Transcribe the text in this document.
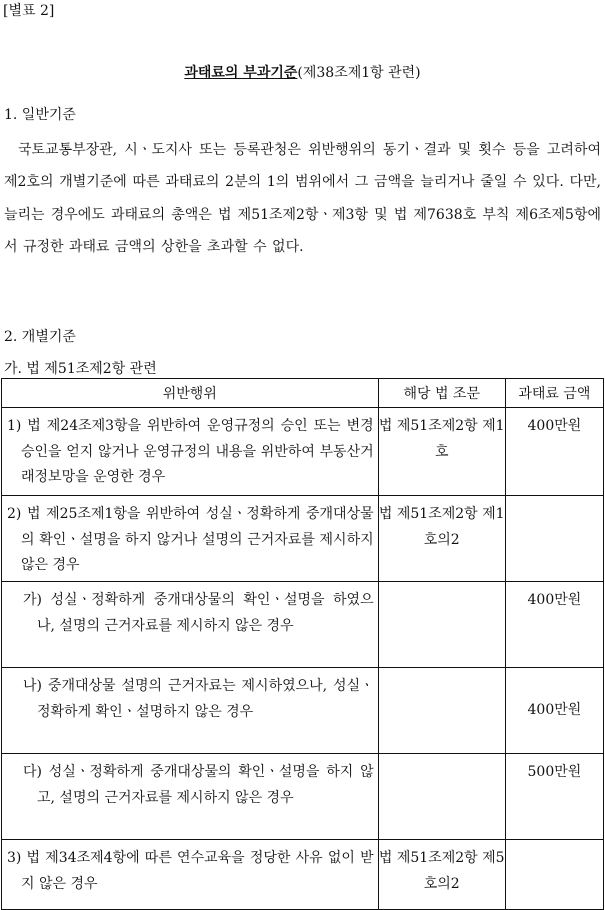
[별표 2]
과태료의 부과기준(제38조제1항 관련)
1. 일반기준
국토교통부장관, 시ㆍ도지사 또는 등록관청은 위반행위의 동기ㆍ결과 및 횟수 등을 고려하여 제2호의 개별기준에 따른 과태료의 2분의 1의 범위에서 그 금액을 늘리거나 줄일 수 있다. 다만, 늘리는 경우에도 과태료의 총액은 법 제51조제2항ㆍ제3항 및 법 제7638호 부칙 제6조제5항에서 규정한 과태료 금액의 상한을 초과할 수 없다.
2. 개별기준
가. 법 제51조제2항 관련
위반행위	해당 법 조문	과태료 금액

1) 법 제24조제3항을 위반하여 운영규정의 승인 또는 변경승인을 얻지 않거나 운영규정의 내용을 위반하여 부동산거래정보망을 운영한 경우	법 제51조제2항 제1호	400만원

2) 법 제25조제1항을 위반하여 성실ㆍ정확하게 중개대상물의 확인ㆍ설명을 하지 않거나 설명의 근거자료를 제시하지 않은 경우	법 제51조제2항 제1호의2	

가) 성실ㆍ정확하게 중개대상물의 확인ㆍ설명을 하였으나, 설명의 근거자료를 제시하지 않은 경우		400만원

나) 중개대상물 설명의 근거자료는 제시하였으나, 성실ㆍ정확하게 확인ㆍ설명하지 않은 경우		400만원

다) 성실ㆍ정확하게 중개대상물의 확인ㆍ설명을 하지 않고, 설명의 근거자료를 제시하지 않은 경우		500만원

3) 법 제34조제4항에 따른 연수교육을 정당한 사유 없이 받지 않은 경우	법 제51조제2항 제5호의2	
